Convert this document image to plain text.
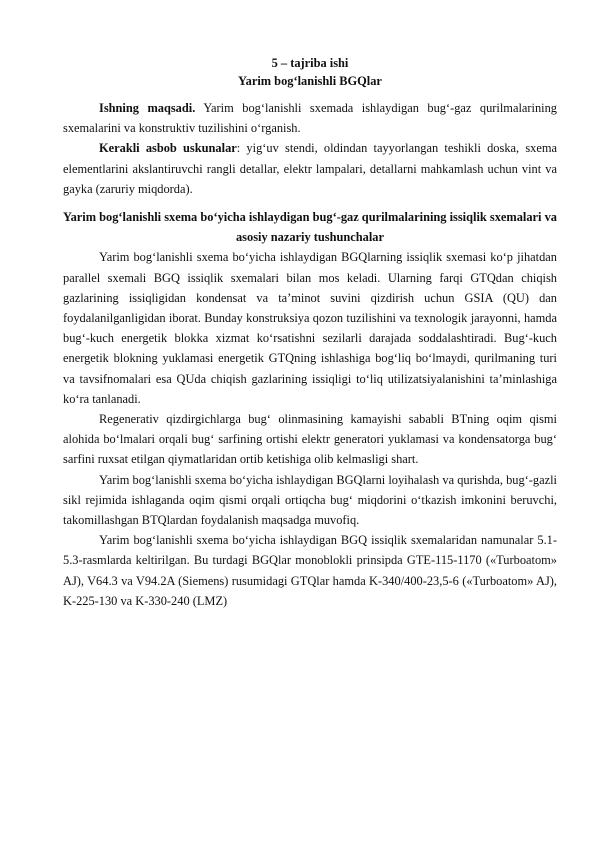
5 – tajriba ishi
Yarim bog‘lanishli BGQlar

Ishning maqsadi. Yarim bog‘lanishli sxemada ishlaydigan bug‘-gaz qurilmalarining sxemalarini va konstruktiv tuzilishini o‘rganish.

Kerakli asbob uskunalar: yig‘uv stendi, oldindan tayyorlangan teshikli doska, sxema elementlarini akslantiruvchi rangli detallar, elektr lampalari, detallarni mahkamlash uchun vint va gayka (zaruriy miqdorda).

Yarim bog‘lanishli sxema bo‘yicha ishlaydigan bug‘-gaz qurilmalarining issiqlik sxemalari va asosiy nazariy tushunchalar

Yarim bog‘lanishli sxema bo‘yicha ishlaydigan BGQlarning issiqlik sxemasi ko‘p jihatdan parallel sxemali BGQ issiqlik sxemalari bilan mos keladi. Ularning farqi GTQdan chiqish gazlarining issiqligidan kondensat va ta’minot suvini qizdirish uchun GSIA (QU) dan foydalanilganligidan iborat. Bunday konstruksiya qozon tuzilishini va texnologik jarayonni, hamda bug‘-kuch energetik blokka xizmat ko‘rsatishni sezilarli darajada soddalashtiradi. Bug‘-kuch energetik blokning yuklamasi energetik GTQning ishlashiga bog‘liq bo‘lmaydi, qurilmaning turi va tavsifnomalari esa QUda chiqish gazlarining issiqligi to‘liq utilizatsiyalanishini ta’minlashiga ko‘ra tanlanadi.

Regenerativ qizdirgichlarga bug‘ olinmasining kamayishi sababli BTning oqim qismi alohida bo‘lmalari orqali bug‘ sarfining ortishi elektr generatori yuklamasi va kondensatorga bug‘ sarfini ruxsat etilgan qiymatlaridan ortib ketishiga olib kelmasligi shart.

Yarim bog‘lanishli sxema bo‘yicha ishlaydigan BGQlarni loyihalash va qurishda, bug‘-gazli sikl rejimida ishlaganda oqim qismi orqali ortiqcha bug‘ miqdorini o‘tkazish imkonini beruvchi, takomillashgan BTQlardan foydalanish maqsadga muvofiq.

Yarim bog‘lanishli sxema bo‘yicha ishlaydigan BGQ issiqlik sxemalaridan namunalar 5.1-5.3-rasmlarda keltirilgan. Bu turdagi BGQlar monoblokli prinsipda GTE-115-1170 («Turboatom» AJ), V64.3 va V94.2A (Siemens) rusumidagi GTQlar hamda K-340/400-23,5-6 («Turboatom» AJ), K-225-130 va K-330-240 (LMZ)
